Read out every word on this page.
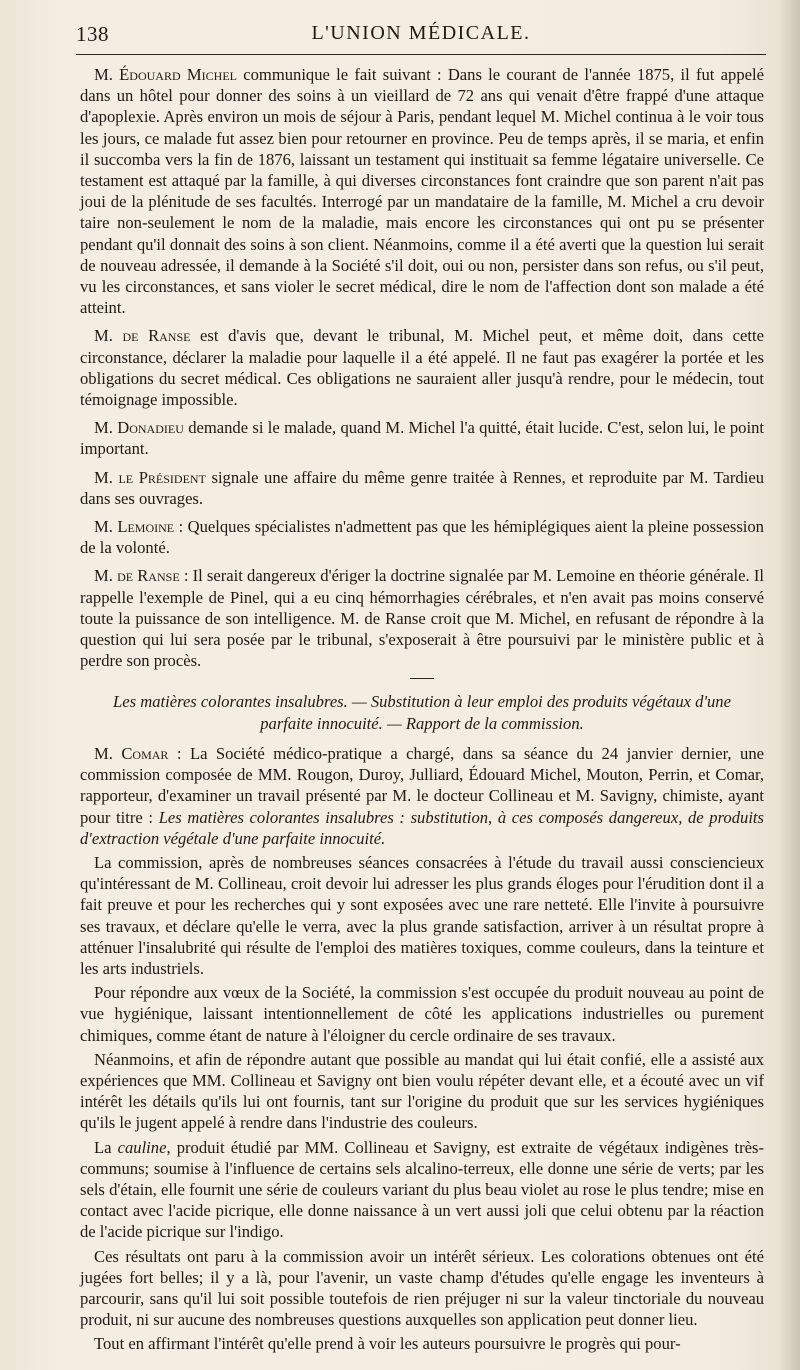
138	L'UNION MÉDICALE.

M. Édouard Michel communique le fait suivant : Dans le courant de l'année 1875, il fut appelé dans un hôtel pour donner des soins à un vieillard de 72 ans qui venait d'être frappé d'une attaque d'apoplexie. Après environ un mois de séjour à Paris, pendant lequel M. Michel continua à le voir tous les jours, ce malade fut assez bien pour retourner en province. Peu de temps après, il se maria, et enfin il succomba vers la fin de 1876, laissant un testament qui instituait sa femme légataire universelle. Ce testament est attaqué par la famille, à qui diverses circonstances font craindre que son parent n'ait pas joui de la plénitude de ses facultés. Interrogé par un mandataire de la famille, M. Michel a cru devoir taire non-seulement le nom de la maladie, mais encore les circonstances qui ont pu se présenter pendant qu'il donnait des soins à son client. Néanmoins, comme il a été averti que la question lui serait de nouveau adressée, il demande à la Société s'il doit, oui ou non, persister dans son refus, ou s'il peut, vu les circonstances, et sans violer le secret médical, dire le nom de l'affection dont son malade a été atteint.

M. de Ranse est d'avis que, devant le tribunal, M. Michel peut, et même doit, dans cette circonstance, déclarer la maladie pour laquelle il a été appelé. Il ne faut pas exagérer la portée et les obligations du secret médical. Ces obligations ne sauraient aller jusqu'à rendre, pour le médecin, tout témoignage impossible.

M. Donadieu demande si le malade, quand M. Michel l'a quitté, était lucide. C'est, selon lui, le point important.

M. le Président signale une affaire du même genre traitée à Rennes, et reproduite par M. Tardieu dans ses ouvrages.

M. Lemoine : Quelques spécialistes n'admettent pas que les hémiplégiques aient la pleine possession de la volonté.

M. de Ranse : Il serait dangereux d'ériger la doctrine signalée par M. Lemoine en théorie générale. Il rappelle l'exemple de Pinel, qui a eu cinq hémorrhagies cérébrales, et n'en avait pas moins conservé toute la puissance de son intelligence. M. de Ranse croit que M. Michel, en refusant de répondre à la question qui lui sera posée par le tribunal, s'exposerait à être poursuivi par le ministère public et à perdre son procès.

Les matières colorantes insalubres. — Substitution à leur emploi des produits végétaux d'une parfaite innocuité. — Rapport de la commission.

M. Comar : La Société médico-pratique a chargé, dans sa séance du 24 janvier dernier, une commission composée de MM. Rougon, Duroy, Julliard, Édouard Michel, Mouton, Perrin, et Comar, rapporteur, d'examiner un travail présenté par M. le docteur Collineau et M. Savigny, chimiste, ayant pour titre : Les matières colorantes insalubres : substitution, à ces composés dangereux, de produits d'extraction végétale d'une parfaite innocuité.

La commission, après de nombreuses séances consacrées à l'étude du travail aussi consciencieux qu'intéressant de M. Collineau, croit devoir lui adresser les plus grands éloges pour l'érudition dont il a fait preuve et pour les recherches qui y sont exposées avec une rare netteté. Elle l'invite à poursuivre ses travaux, et déclare qu'elle le verra, avec la plus grande satisfaction, arriver à un résultat propre à atténuer l'insalubrité qui résulte de l'emploi des matières toxiques, comme couleurs, dans la teinture et les arts industriels.

Pour répondre aux vœux de la Société, la commission s'est occupée du produit nouveau au point de vue hygiénique, laissant intentionnellement de côté les applications industrielles ou purement chimiques, comme étant de nature à l'éloigner du cercle ordinaire de ses travaux.

Néanmoins, et afin de répondre autant que possible au mandat qui lui était confié, elle a assisté aux expériences que MM. Collineau et Savigny ont bien voulu répéter devant elle, et a écouté avec un vif intérêt les détails qu'ils lui ont fournis, tant sur l'origine du produit que sur les services hygiéniques qu'ils le jugent appelé à rendre dans l'industrie des couleurs.

La cauline, produit étudié par MM. Collineau et Savigny, est extraite de végétaux indigènes très-communs; soumise à l'influence de certains sels alcalino-terreux, elle donne une série de verts; par les sels d'étain, elle fournit une série de couleurs variant du plus beau violet au rose le plus tendre; mise en contact avec l'acide picrique, elle donne naissance à un vert aussi joli que celui obtenu par la réaction de l'acide picrique sur l'indigo.

Ces résultats ont paru à la commission avoir un intérêt sérieux. Les colorations obtenues ont été jugées fort belles; il y a là, pour l'avenir, un vaste champ d'études qu'elle engage les inventeurs à parcourir, sans qu'il lui soit possible toutefois de rien préjuger ni sur la valeur tinctoriale du nouveau produit, ni sur aucune des nombreuses questions auxquelles son application peut donner lieu.

Tout en affirmant l'intérêt qu'elle prend à voir les auteurs poursuivre le progrès qui pour-
